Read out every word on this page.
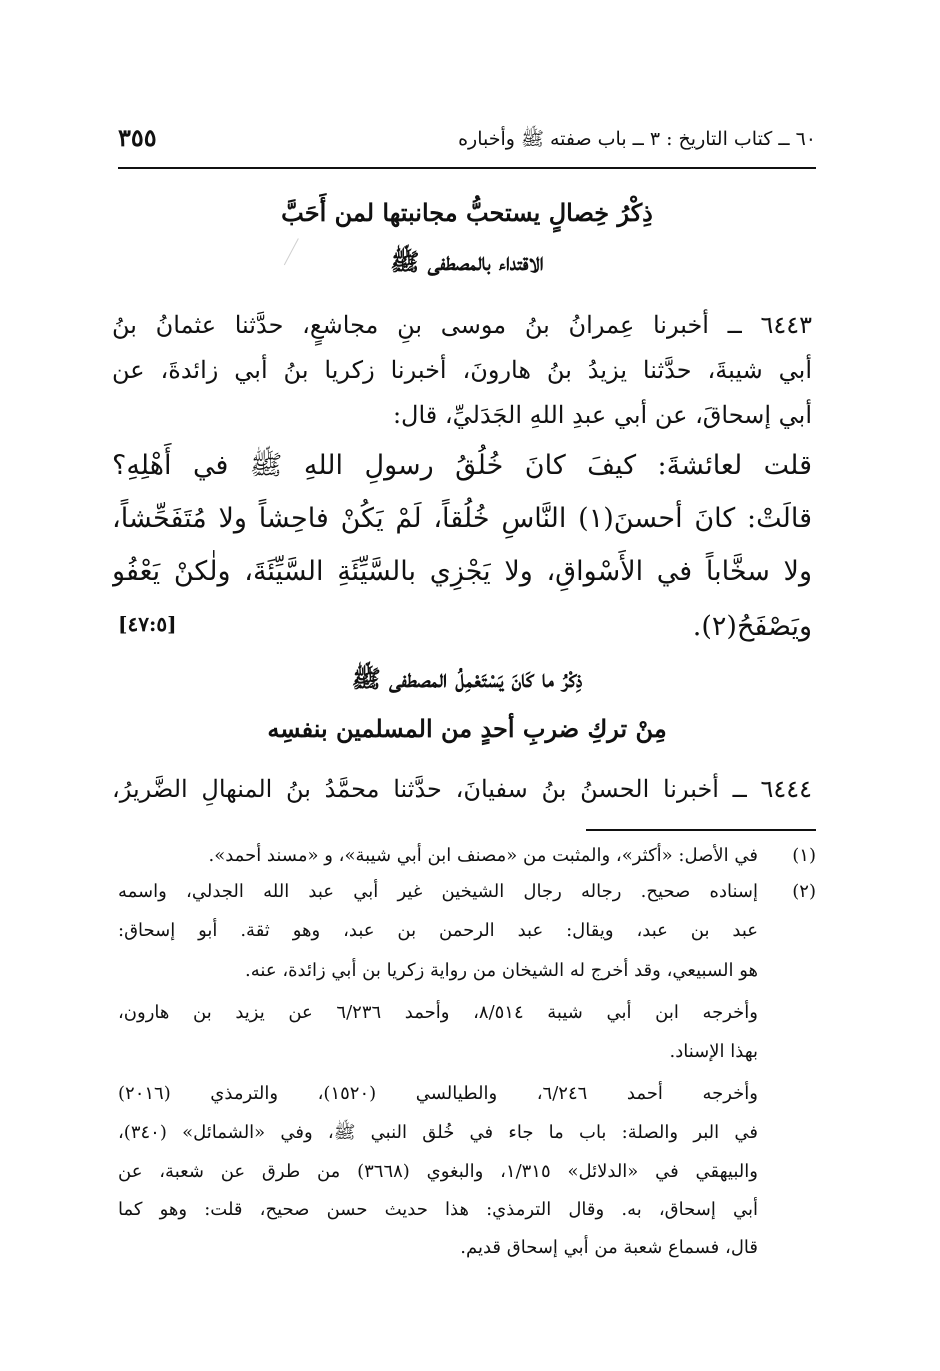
٦٠ ــ كتاب التاريخ : ٣ ــ باب صفته ﷺ وأخباره
٣٥٥
ذِكْرُ خِصالٍ يستحبُّ مجانبتها لمن أَحَبَّ
الاقتداء بالمصطفى ﷺ
٦٤٤٣ ــ أخبرنا عِمرانُ بنُ موسى بنِ مجاشعٍ، حدَّثنا عثمانُ بنُ
أبي شيبةَ، حدَّثنا يزيدُ بنُ هارونَ، أخبرنا زكريا بنُ أبي زائدةَ، عن
أبي إسحاقَ، عن أبي عبدِ اللهِ الجَدَليِّ، قال:
قلت لعائشةَ: كيفَ كانَ خُلُقُ رسولِ اللهِ ﷺ في أَهْلِهِ؟
قالَتْ: كانَ أحسنَ(١) النَّاسِ خُلُقاً، لَمْ يَكُنْ فاحِشاً ولا مُتَفَحِّشاً،
ولا سخَّاباً في الأَسْواقِ، ولا يَجْزِي بالسَّيِّئَةِ السَّيِّئَةَ، ولٰكنْ يَعْفُو
ويَصْفَحُ(٢).
[٤٧:٥]
ذِكْرُ ما كَانَ يَسْتَعْمِلُ المصطفى ﷺ
مِنْ تركِ ضربِ أحدٍ من المسلمين بنفسِه
٦٤٤٤ ــ أخبرنا الحسنُ بنُ سفيانَ، حدَّثنا محمَّدُ بنُ المنهالِ الضَّريرُ،
(١)
في الأصل: «أكثر»، والمثبت من «مصنف ابن أبي شيبة»، و «مسند أحمد».
(٢)
إسناده صحيح. رجاله رجال الشيخين غير أبي عبد الله الجدلي، واسمه
عبد بن عبد، ويقال: عبد الرحمن بن عبد، وهو ثقة. أبو إسحاق:
هو السبيعي، وقد أخرج له الشيخان من رواية زكريا بن أبي زائدة، عنه.
وأخرجه ابن أبي شيبة ٨/٥١٤، وأحمد ٦/٢٣٦ عن يزيد بن هارون،
بهذا الإسناد.
وأخرجه أحمد ٦/٢٤٦، والطيالسي (١٥٢٠)، والترمذي (٢٠١٦)
في البر والصلة: باب ما جاء في خُلق النبي ﷺ، وفي «الشمائل» (٣٤٠)،
والبيهقي في «الدلائل» ١/٣١٥، والبغوي (٣٦٦٨) من طرق عن شعبة، عن
أبي إسحاق، به. وقال الترمذي: هذا حديث حسن صحيح، قلت: وهو كما
قال، فسماع شعبة من أبي إسحاق قديم.
